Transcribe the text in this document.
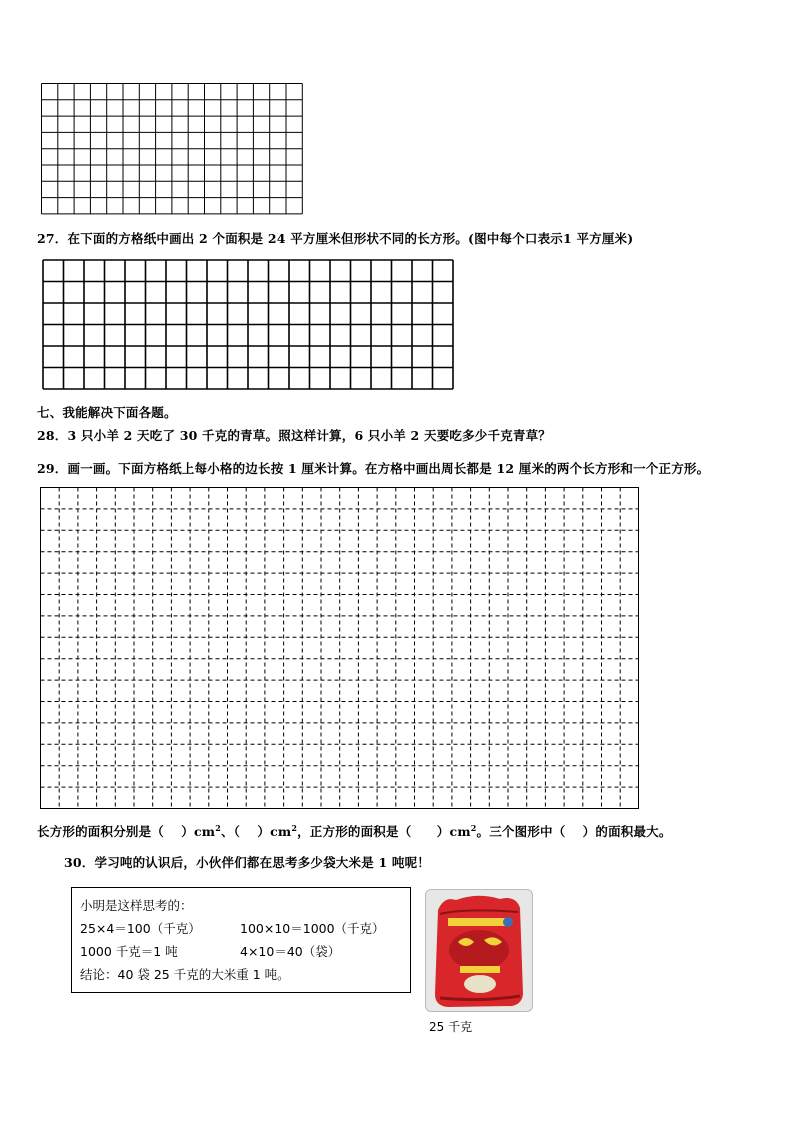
27．在下面的方格纸中画出 2 个面积是 24 平方厘米但形状不同的长方形。(图中每个口表示1 平方厘米)
七、我能解决下面各题。
28．3 只小羊 2 天吃了 30 千克的青草。照这样计算，6 只小羊 2 天要吃多少千克青草？
29．画一画。下面方格纸上每小格的边长按 1 厘米计算。在方格中画出周长都是 12 厘米的两个长方形和一个正方形。
长方形的面积分别是（　 ）$cm^2$、（　 ）$cm^2$，正方形的面积是（　　）$cm^2$。三个图形中（　 ）的面积最大。
30．学习吨的认识后，小伙伴们都在思考多少袋大米是 1 吨呢！
小明是这样思考的：
25×4＝100（千克）	100×10＝1000（千克）
1000 千克＝1 吨	4×10＝40（袋）
结论：40 袋 25 千克的大米重 1 吨。
25 千克
